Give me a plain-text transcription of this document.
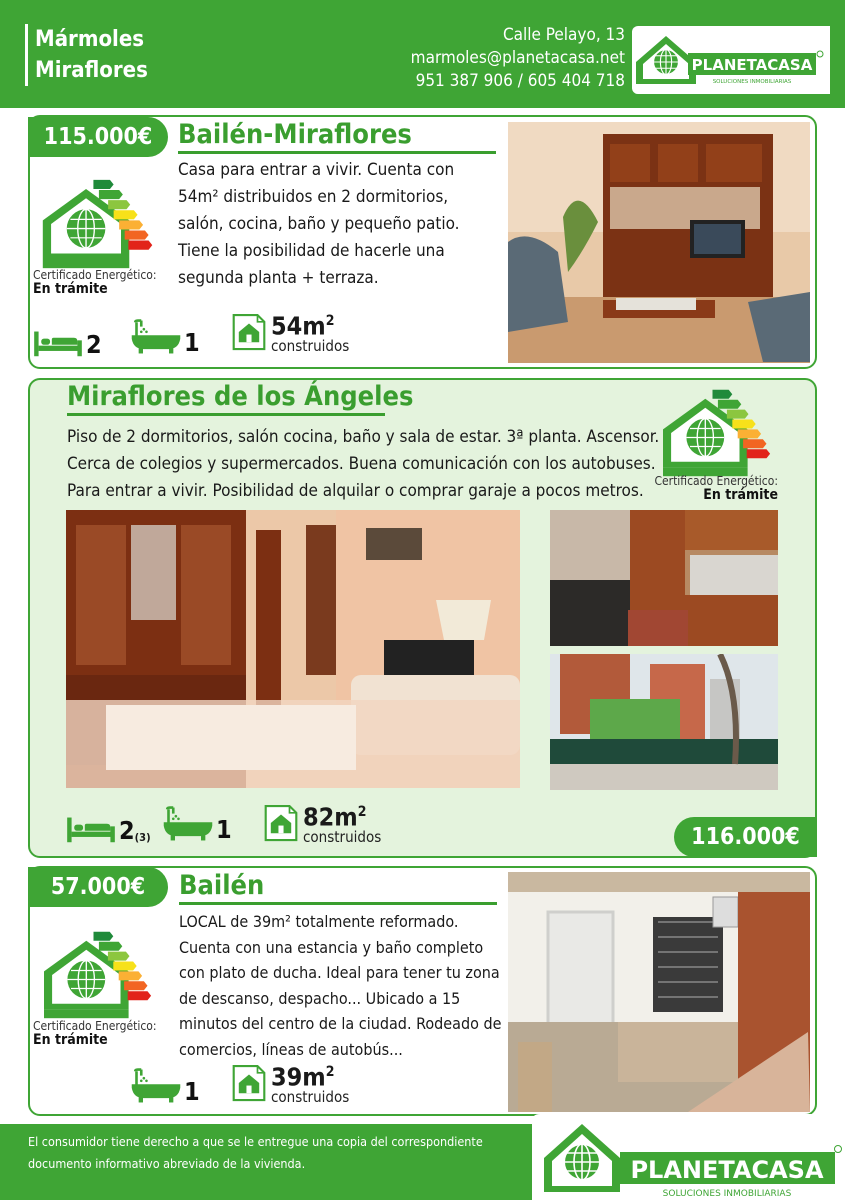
Mármoles
Miraflores
Calle Pelayo, 13
marmoles@planetacasa.net
951 387 906 / 605 404 718
PLANETACASA
SOLUCIONES INMOBILIARIAS
115.000€ Bailén-Miraflores
Casa para entrar a vivir. Cuenta con
54m² distribuidos en 2 dormitorios,
salón, cocina, baño y pequeño patio.
Tiene la posibilidad de hacerle una
segunda planta + terraza.
Certificado Energético:
En trámite
2	1
$54m^2$
construidos
Miraflores de los Ángeles
Piso de 2 dormitorios, salón cocina, baño y sala de estar. 3ª planta. Ascensor.
Cerca de colegios y supermercados. Buena comunicación con los autobuses.
Para entrar a vivir. Posibilidad de alquilar o comprar garaje a pocos metros. Certificado Energético:
En trámite
2 (3)	1	$82m^2$
construidos	116.000€
57.000€	Bailén
LOCAL de 39m² totalmente reformado.
Cuenta con una estancia y baño completo
con plato de ducha. Ideal para tener tu zona
de descanso, despacho... Ubicado a 15
minutos del centro de la ciudad. Rodeado de
comercios, líneas de autobús...
Certificado Energético:
En trámite
1
$39m^2$
construidos
El consumidor tiene derecho a que se le entregue una copia del correspondiente
documento informativo abreviado de la vivienda.	PLANETACASA
SOLUCIONES INMOBILIARIAS
